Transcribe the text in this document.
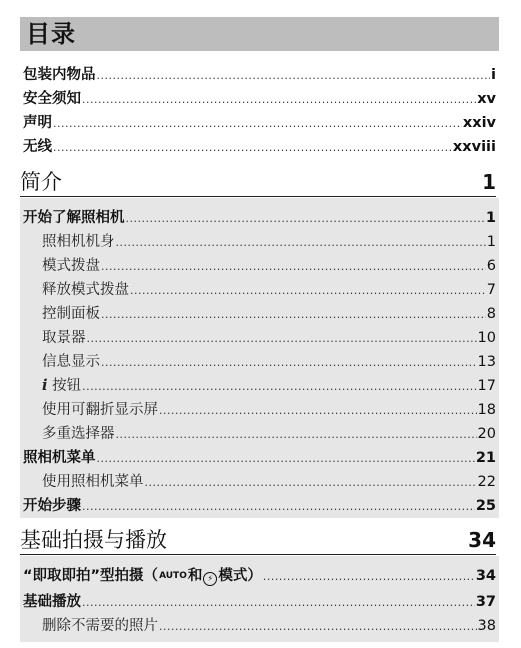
目录
包装内物品 .....	i
安全须知 .....	xv
声明 .....	xxiv
无线 .....	xxviii
简介	1
开始了解照相机 .....	1
照相机机身 .....	1
模式拨盘 .....	6
释放模式拨盘 .....	7
控制面板 .....	8
取景器 .....	10
信息显示 .....	13
i 按钮 .....	17
使用可翻折显示屏 .....	18
多重选择器 .....	20
照相机菜单 .....	21
使用照相机菜单 .....	22
开始步骤 .....	25
基础拍摄与播放	34
“即取即拍”型拍摄（AUTO和 ⚡ 模式） .....	34
基础播放 .....	37
删除不需要的照片 .....	38
